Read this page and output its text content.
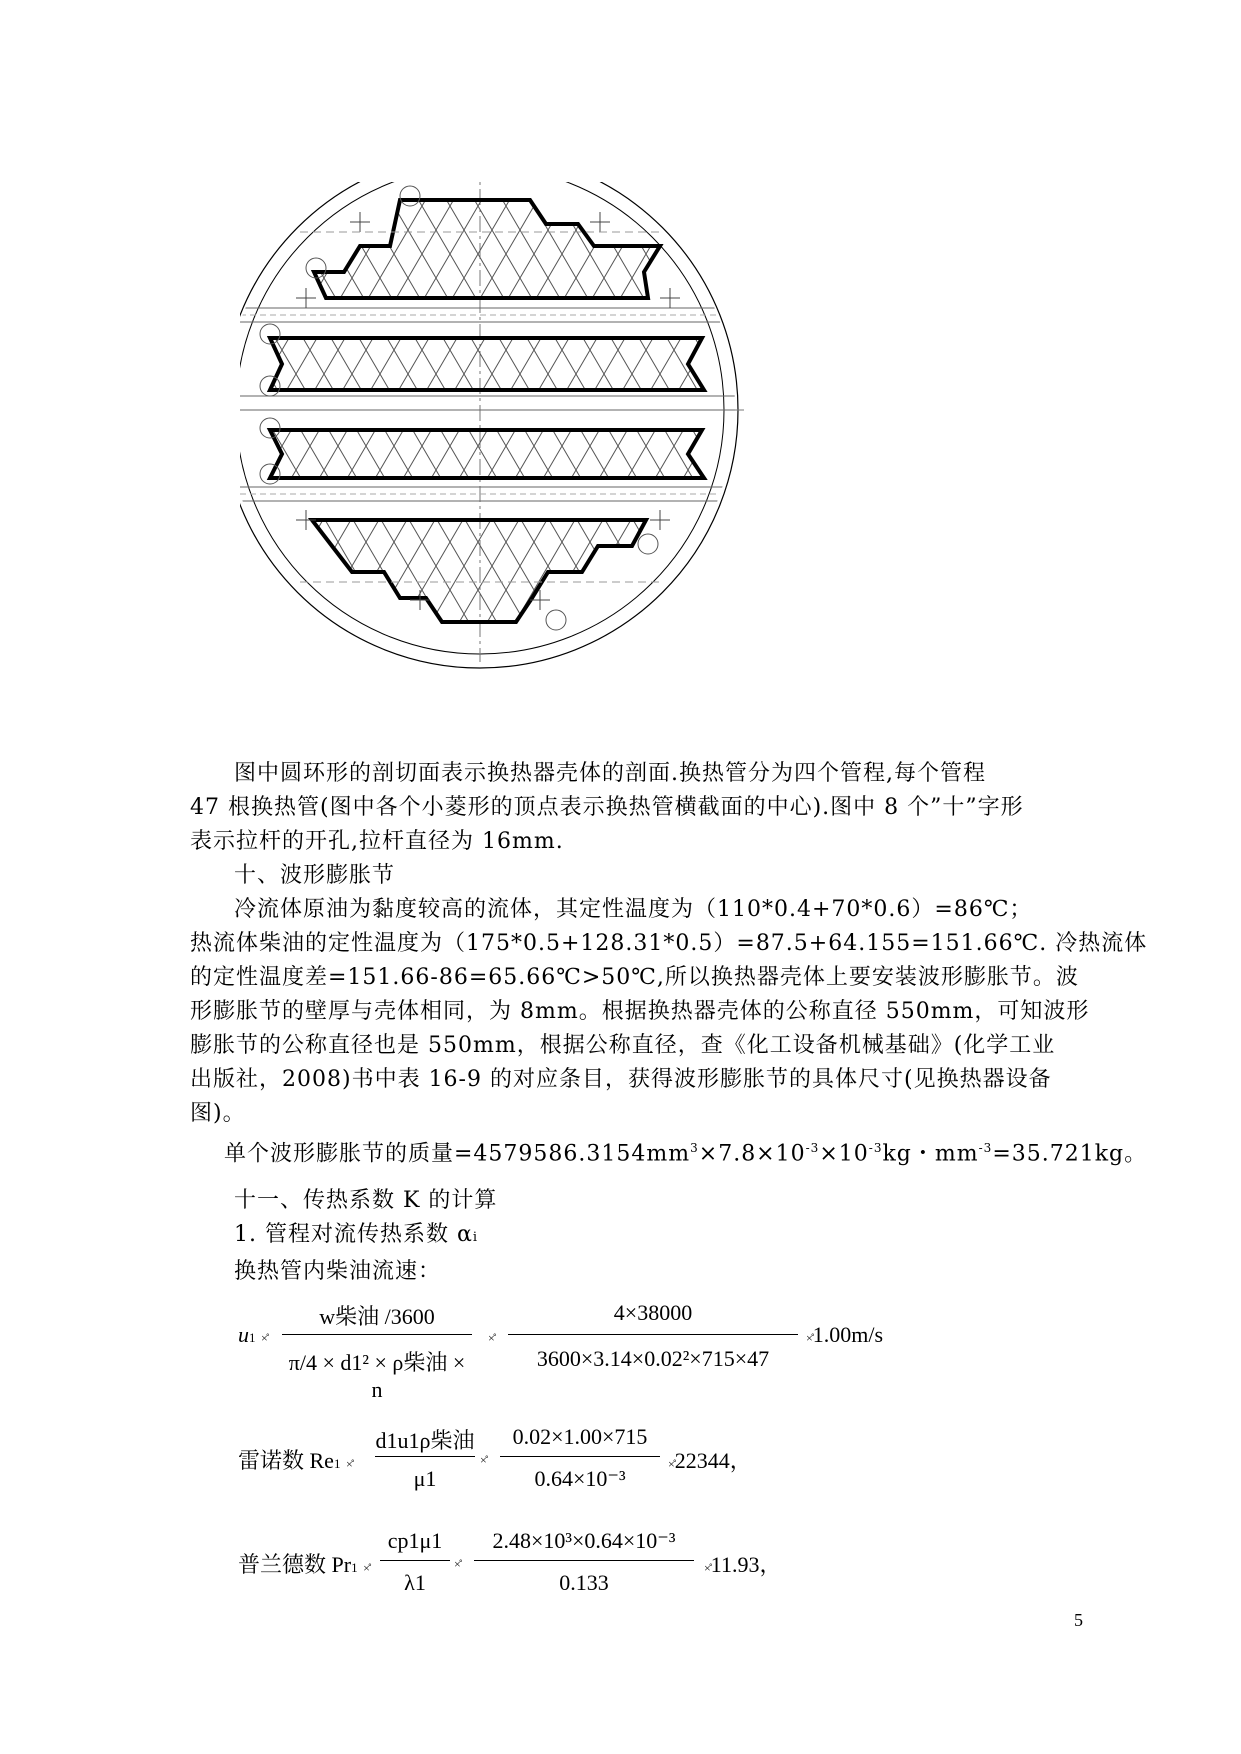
图中圆环形的剖切面表示换热器壳体的剖面.换热管分为四个管程,每个管程
47 根换热管(图中各个小菱形的顶点表示换热管横截面的中心).图中 8 个”十”字形
表示拉杆的开孔,拉杆直径为 16mm.
十、波形膨胀节
冷流体原油为黏度较高的流体，其定性温度为（110*0.4+70*0.6）=86℃；
热流体柴油的定性温度为（175*0.5+128.31*0.5）=87.5+64.155=151.66℃. 冷热流体
的定性温度差=151.66-86=65.66℃>50℃,所以换热器壳体上要安装波形膨胀节。波
形膨胀节的壁厚与壳体相同，为 8mm。根据换热器壳体的公称直径 550mm，可知波形
膨胀节的公称直径也是 550mm，根据公称直径，查《化工设备机械基础》(化学工业
出版社，2008)书中表 16-9 的对应条目，获得波形膨胀节的具体尺寸(见换热器设备
图)。
单个波形膨胀节的质量$=4579586.3154mm^3\times 7.8\times 10^{-3}\times 10^{-3}kg$・$mm^{-3}=35.721kg$。
十一、传热系数 K 的计算
1. 管程对流传热系数 αi
换热管内柴油流速：
u1 ×̊
w柴油 /3600
π/4 × d1² × ρ柴油 × n
×̊
4×38000
3600×3.14×0.02²×715×47
×̊1.00m/s
雷诺数 Re1 ×̊
d1u1ρ柴油
μ1
×̊
0.02×1.00×715
0.64×10⁻³
×̊22344，
普兰德数 Pr1 ×̊
cp1μ1
λ1
×̊
2.48×10³×0.64×10⁻³
0.133
×̊11.93，
5
